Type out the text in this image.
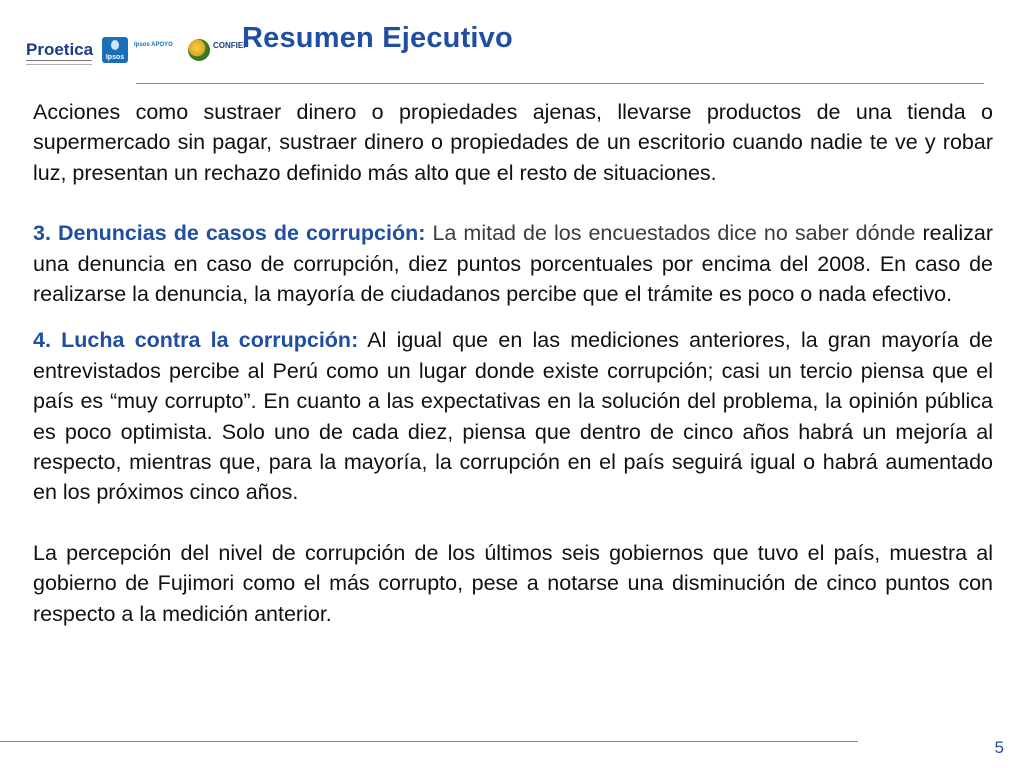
Proetica	Ipsos
Ipsos APOYO	CONFIEP
Resumen Ejecutivo

Acciones como sustraer dinero o propiedades ajenas, llevarse productos de una tienda o supermercado sin pagar, sustraer dinero o propiedades de un escritorio cuando nadie te ve y robar luz, presentan un rechazo definido más alto que el resto de situaciones.

3. Denuncias de casos de corrupción: La mitad de los encuestados dice no saber dónde realizar una denuncia en caso de corrupción, diez puntos porcentuales por encima del 2008. En caso de realizarse la denuncia, la mayoría de ciudadanos percibe que el trámite es poco o nada efectivo.

4. Lucha contra la corrupción: Al igual que en las mediciones anteriores, la gran mayoría de entrevistados percibe al Perú como un lugar donde existe corrupción; casi un tercio piensa que el país es “muy corrupto”. En cuanto a las expectativas en la solución del problema, la opinión pública es poco optimista. Solo uno de cada diez, piensa que dentro de cinco años habrá un mejoría al respecto, mientras que, para la mayoría, la corrupción en el país seguirá igual o habrá aumentado en los próximos cinco años.

La percepción del nivel de corrupción de los últimos seis gobiernos que tuvo el país, muestra al gobierno de Fujimori como el más corrupto, pese a notarse una disminución de cinco puntos con respecto a la medición anterior.

5
